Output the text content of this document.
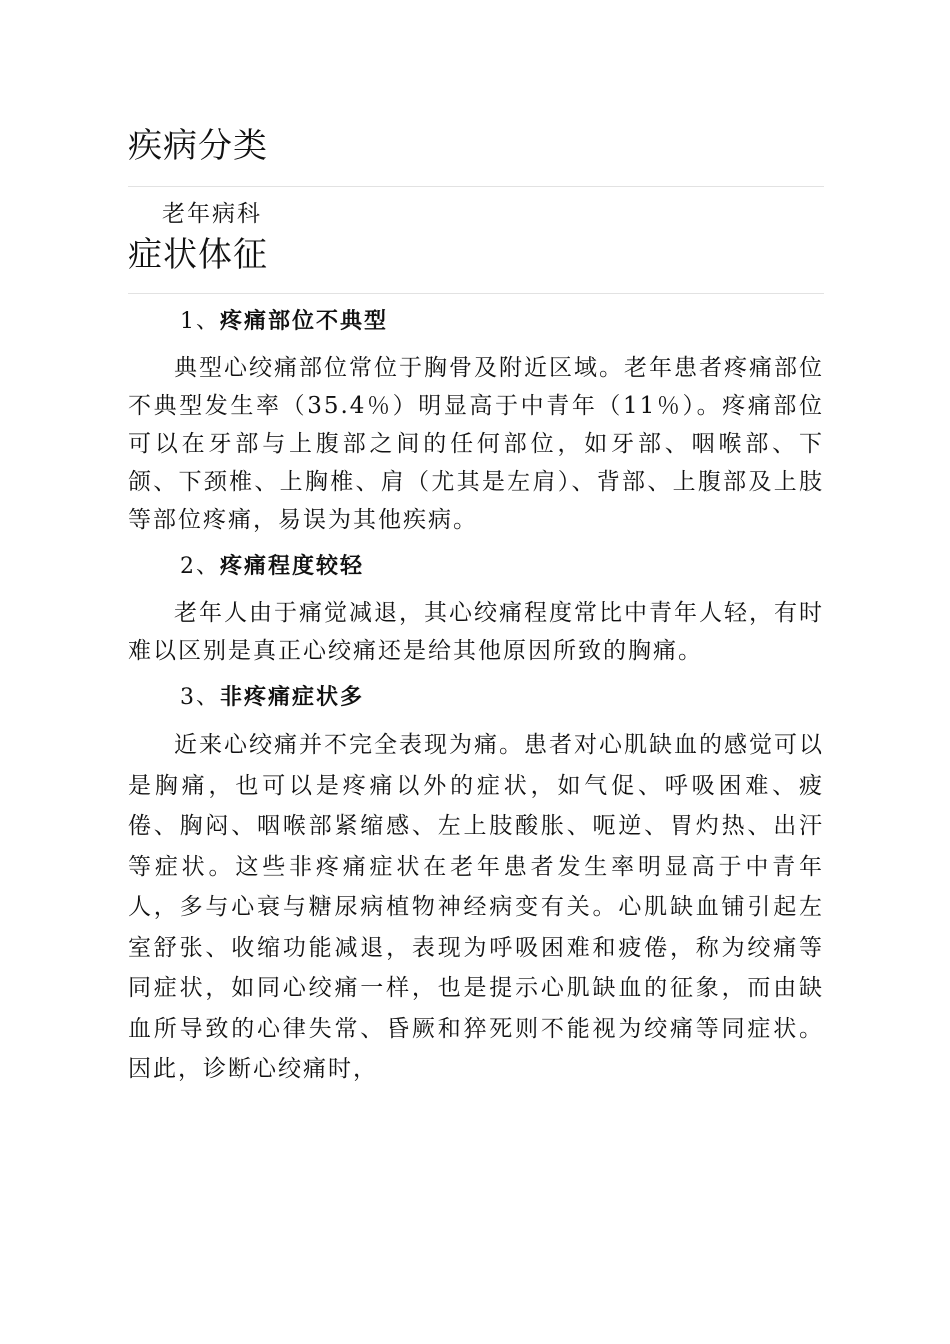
疾病分类

老年病科

症状体征

1、疼痛部位不典型

典型心绞痛部位常位于胸骨及附近区域。老年患者疼痛部位不典型发生率（35.4％）明显高于中青年（11％）。疼痛部位可以在牙部与上腹部之间的任何部位，如牙部、咽喉部、下颌、下颈椎、上胸椎、肩（尤其是左肩）、背部、上腹部及上肢等部位疼痛，易误为其他疾病。

2、疼痛程度较轻

老年人由于痛觉减退，其心绞痛程度常比中青年人轻，有时难以区别是真正心绞痛还是给其他原因所致的胸痛。

3、非疼痛症状多

近来心绞痛并不完全表现为痛。患者对心肌缺血的感觉可以是胸痛，也可以是疼痛以外的症状，如气促、呼吸困难、疲倦、胸闷、咽喉部紧缩感、左上肢酸胀、呃逆、胃灼热、出汗等症状。这些非疼痛症状在老年患者发生率明显高于中青年人，多与心衰与糖尿病植物神经病变有关。心肌缺血铺引起左室舒张、收缩功能减退，表现为呼吸困难和疲倦，称为绞痛等同症状，如同心绞痛一样，也是提示心肌缺血的征象，而由缺血所导致的心律失常、昏厥和猝死则不能视为绞痛等同症状。因此，诊断心绞痛时，
